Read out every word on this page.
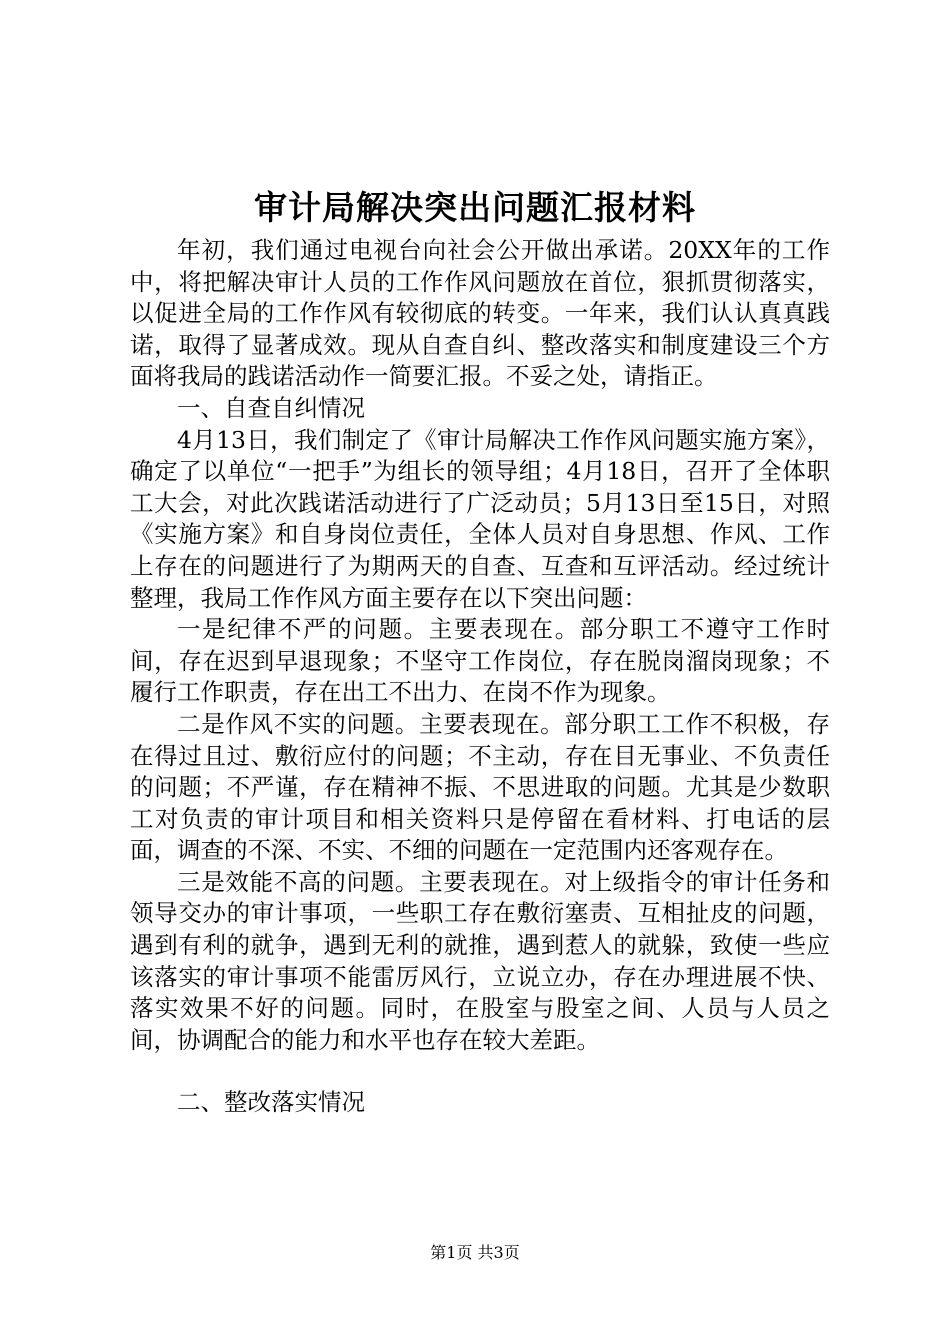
审计局解决突出问题汇报材料

年初，我们通过电视台向社会公开做出承诺。20XX年的工作中，将把解决审计人员的工作作风问题放在首位，狠抓贯彻落实，以促进全局的工作作风有较彻底的转变。一年来，我们认认真真践诺，取得了显著成效。现从自查自纠、整改落实和制度建设三个方面将我局的践诺活动作一简要汇报。不妥之处，请指正。

一、自查自纠情况

4月13日，我们制定了《审计局解决工作作风问题实施方案》，确定了以单位“一把手”为组长的领导组；4月18日，召开了全体职工大会，对此次践诺活动进行了广泛动员；5月13日至15日，对照《实施方案》和自身岗位责任，全体人员对自身思想、作风、工作上存在的问题进行了为期两天的自查、互查和互评活动。经过统计整理，我局工作作风方面主要存在以下突出问题：

一是纪律不严的问题。主要表现在。部分职工不遵守工作时间，存在迟到早退现象；不坚守工作岗位，存在脱岗溜岗现象；不履行工作职责，存在出工不出力、在岗不作为现象。

二是作风不实的问题。主要表现在。部分职工工作不积极，存在得过且过、敷衍应付的问题；不主动，存在目无事业、不负责任的问题；不严谨，存在精神不振、不思进取的问题。尤其是少数职工对负责的审计项目和相关资料只是停留在看材料、打电话的层面，调查的不深、不实、不细的问题在一定范围内还客观存在。

三是效能不高的问题。主要表现在。对上级指令的审计任务和领导交办的审计事项，一些职工存在敷衍塞责、互相扯皮的问题，遇到有利的就争，遇到无利的就推，遇到惹人的就躲，致使一些应该落实的审计事项不能雷厉风行，立说立办，存在办理进展不快、落实效果不好的问题。同时，在股室与股室之间、人员与人员之间，协调配合的能力和水平也存在较大差距。

二、整改落实情况

第1页 共3页
